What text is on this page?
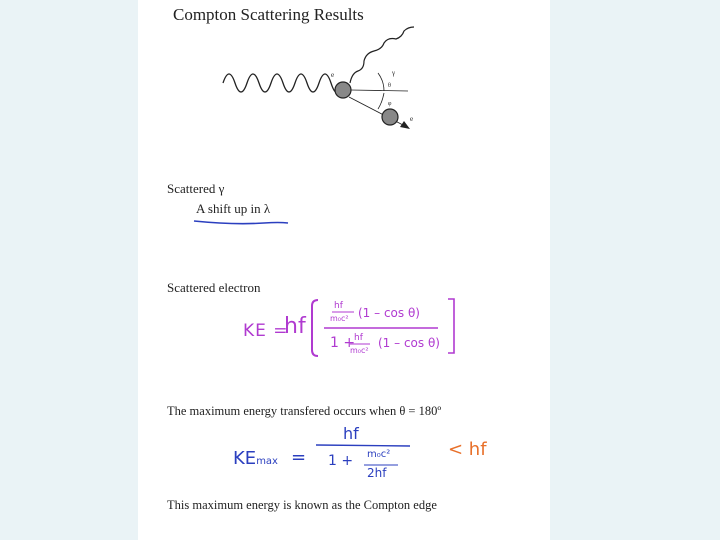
Compton Scattering Results
e	γ
θ
φ
e
Scattered γ
A shift up in λ
Scattered electron
KE =
hf
hf
m₀c² (1 – cos θ)
1 +
hf
m₀c²
(1 – cos θ)
The maximum energy transfered occurs when θ = 180º
KEmax =
hf
1 + m₀c²
2hf
< hf
This maximum energy is known as the Compton edge
